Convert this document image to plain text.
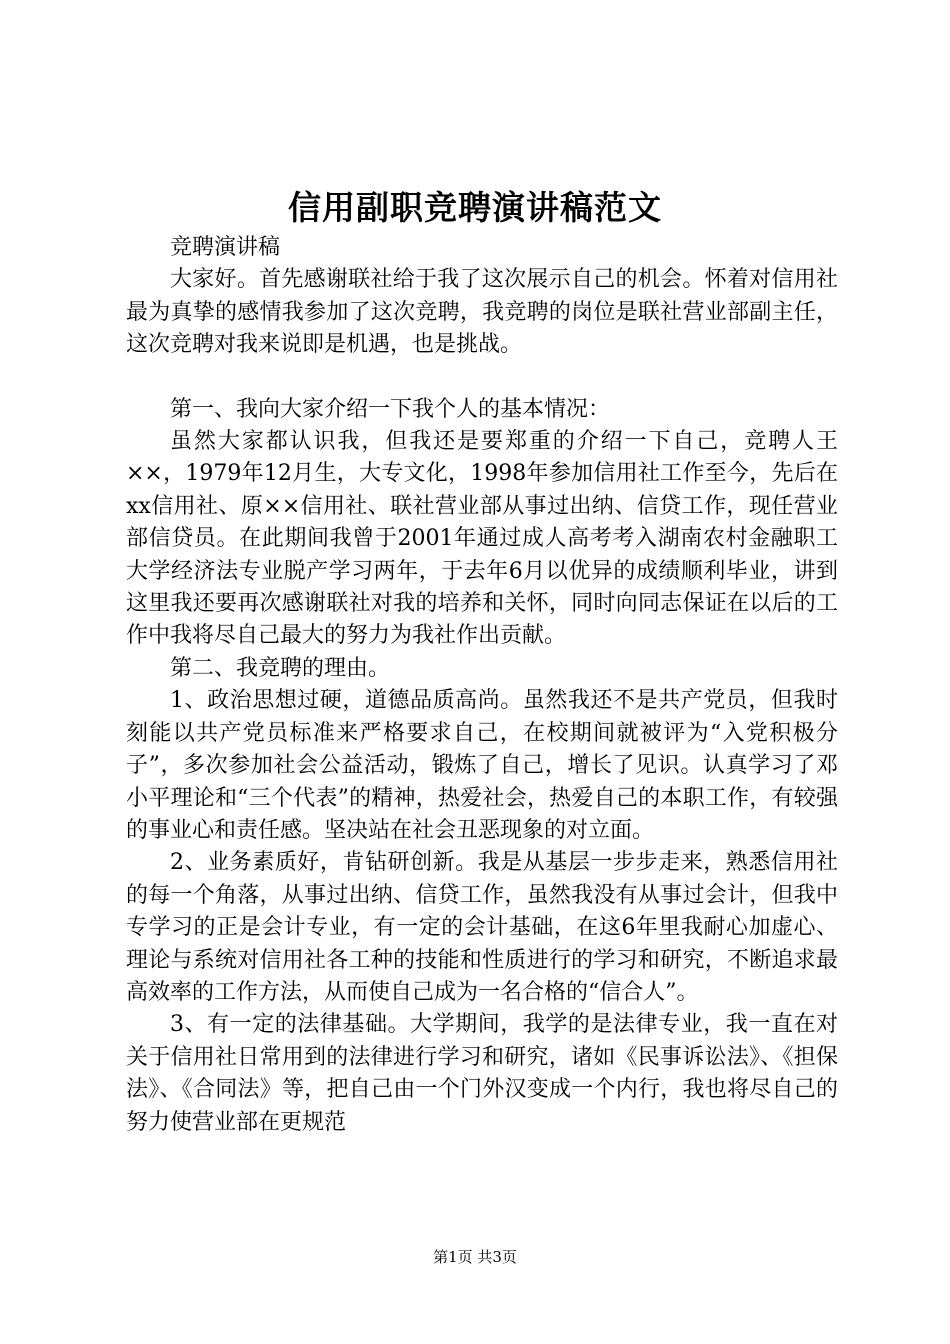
信用副职竞聘演讲稿范文

竞聘演讲稿

大家好。首先感谢联社给于我了这次展示自己的机会。怀着对信用社最为真挚的感情我参加了这次竞聘，我竞聘的岗位是联社营业部副主任，这次竞聘对我来说即是机遇，也是挑战。

第一、我向大家介绍一下我个人的基本情况：

虽然大家都认识我，但我还是要郑重的介绍一下自己，竞聘人王××，1979年12月生，大专文化，1998年参加信用社工作至今，先后在xx信用社、原××信用社、联社营业部从事过出纳、信贷工作，现任营业部信贷员。在此期间我曾于2001年通过成人高考考入湖南农村金融职工大学经济法专业脱产学习两年，于去年6月以优异的成绩顺利毕业，讲到这里我还要再次感谢联社对我的培养和关怀，同时向同志保证在以后的工作中我将尽自己最大的努力为我社作出贡献。

第二、我竞聘的理由。

1、政治思想过硬，道德品质高尚。虽然我还不是共产党员，但我时刻能以共产党员标准来严格要求自己，在校期间就被评为“入党积极分子”，多次参加社会公益活动，锻炼了自己，增长了见识。认真学习了邓小平理论和“三个代表”的精神，热爱社会，热爱自己的本职工作，有较强的事业心和责任感。坚决站在社会丑恶现象的对立面。

2、业务素质好，肯钻研创新。我是从基层一步步走来，熟悉信用社的每一个角落，从事过出纳、信贷工作，虽然我没有从事过会计，但我中专学习的正是会计专业，有一定的会计基础，在这6年里我耐心加虚心、理论与系统对信用社各工种的技能和性质进行的学习和研究，不断追求最高效率的工作方法，从而使自己成为一名合格的“信合人”。

3、有一定的法律基础。大学期间，我学的是法律专业，我一直在对关于信用社日常用到的法律进行学习和研究，诸如《民事诉讼法》、《担保法》、《合同法》等，把自己由一个门外汉变成一个内行，我也将尽自己的努力使营业部在更规范

第1页 共3页
